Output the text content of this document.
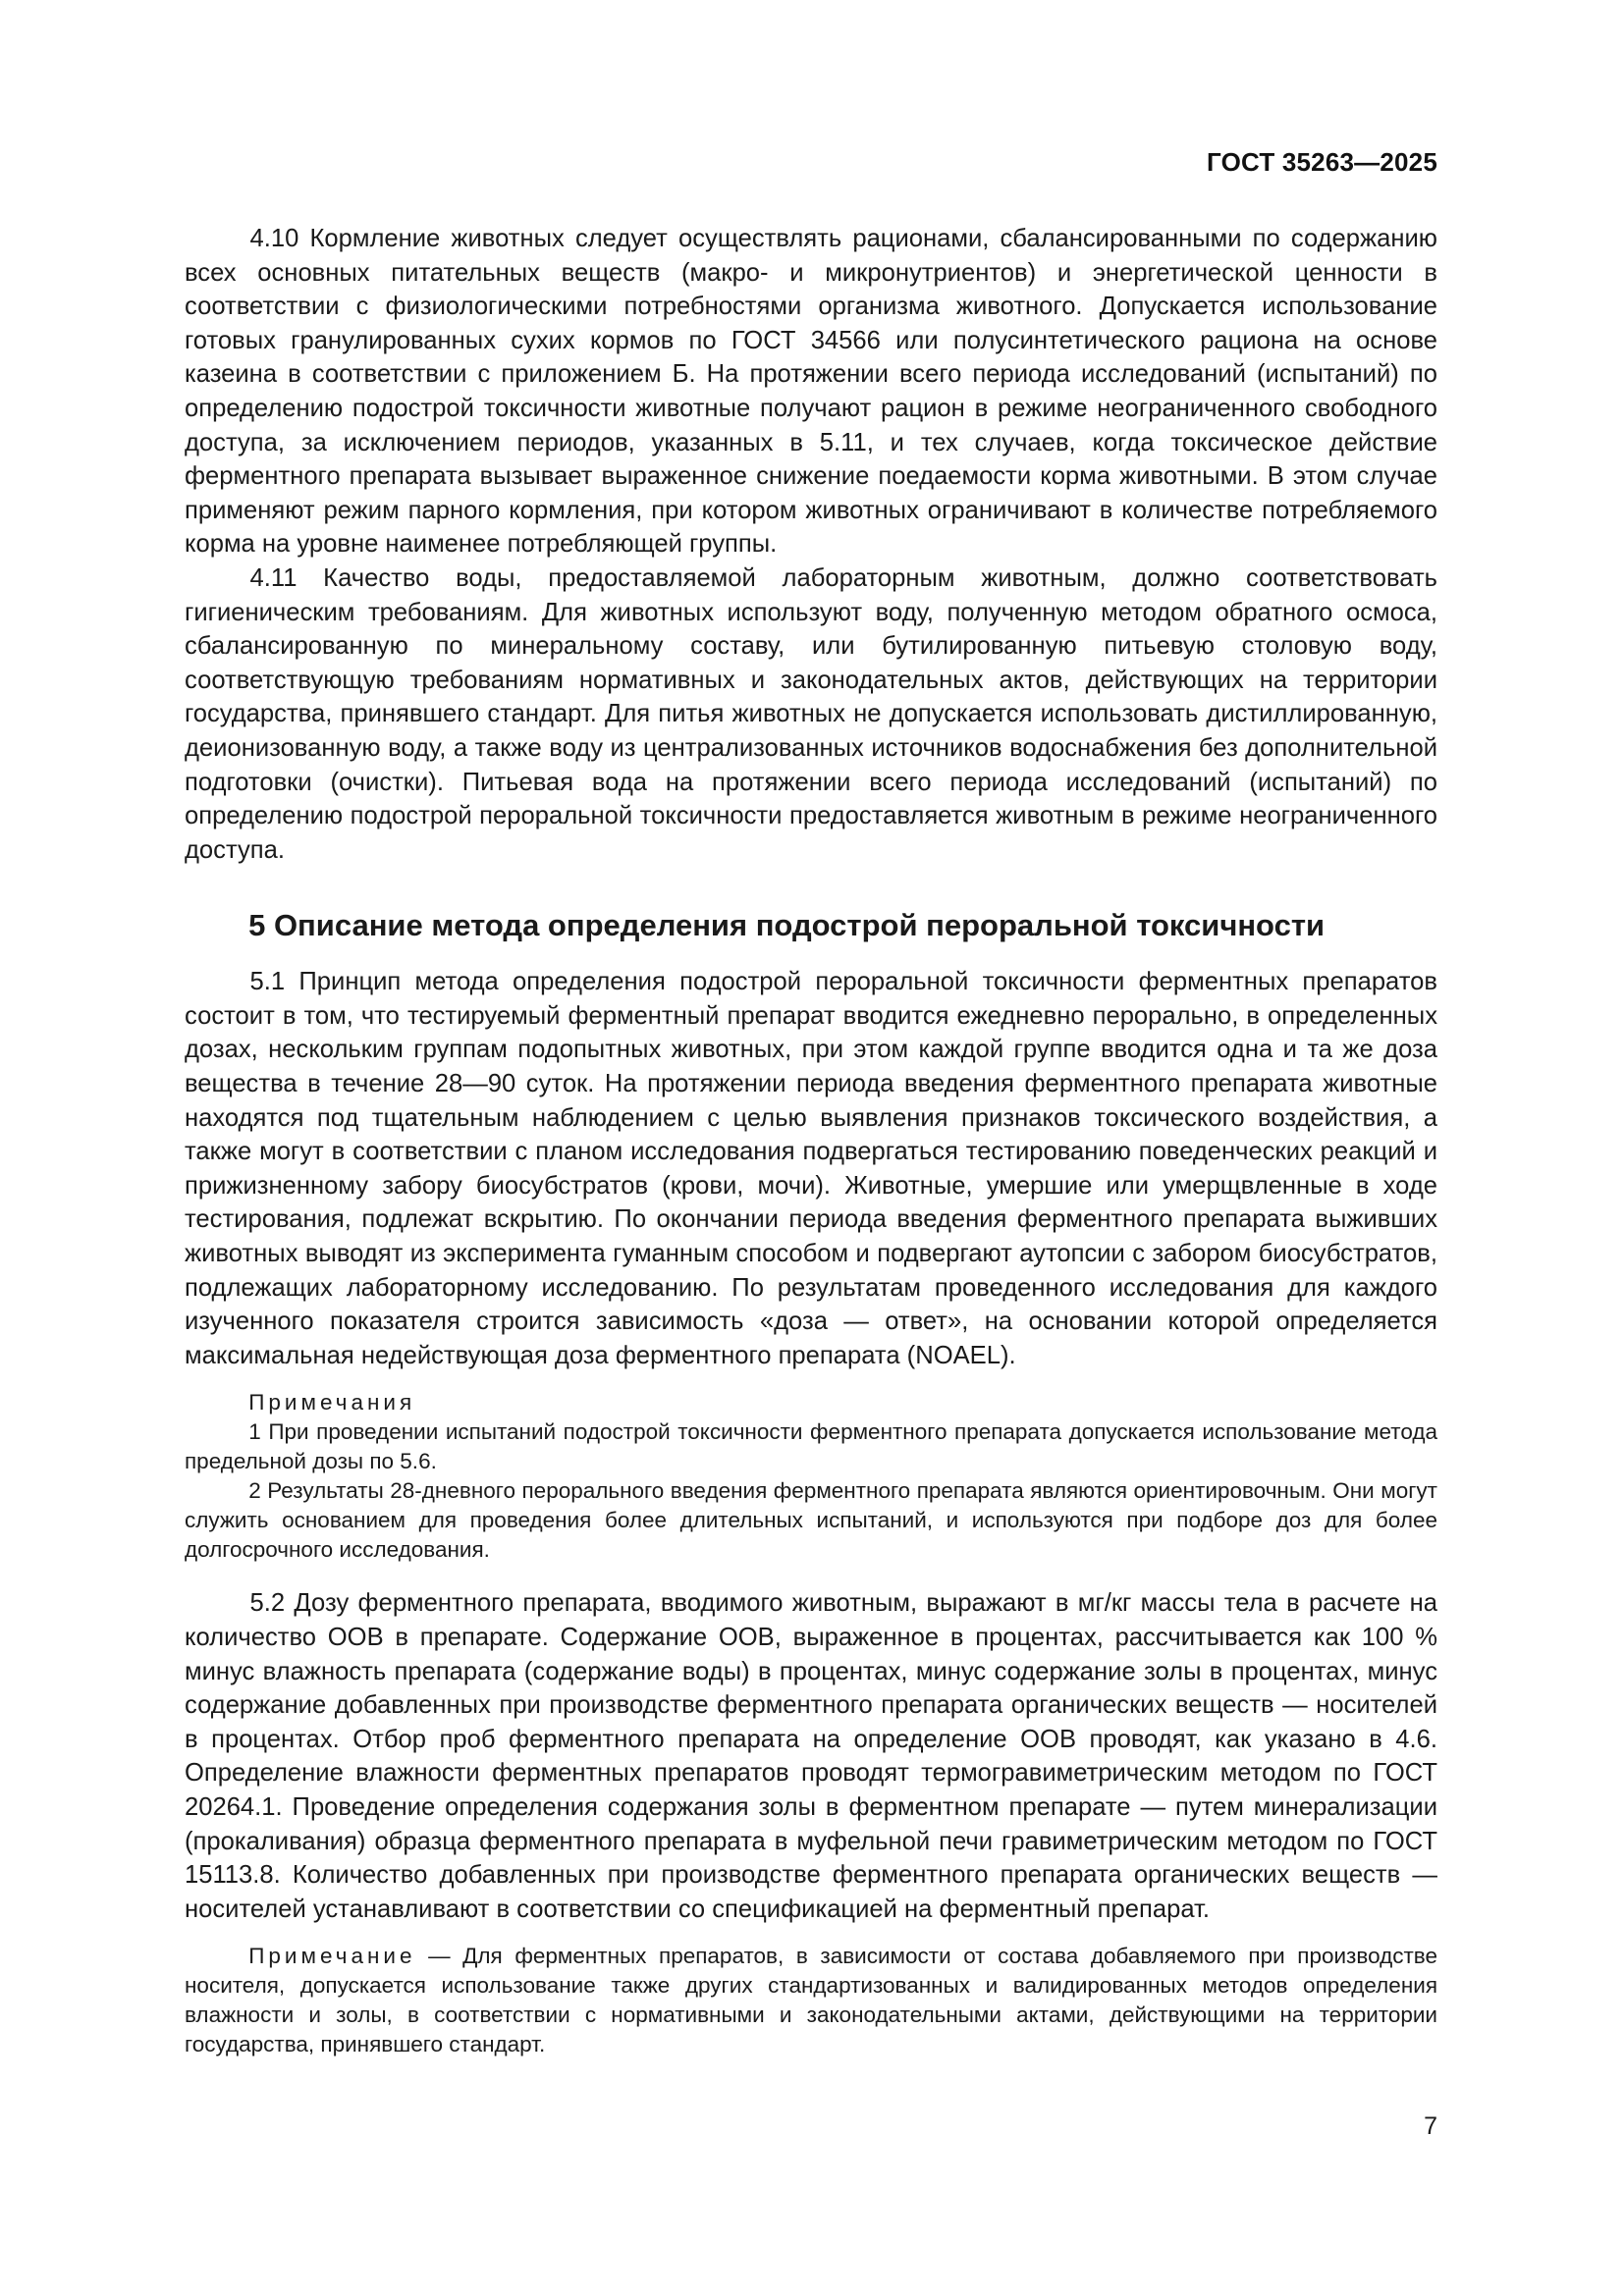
ГОСТ 35263—2025

4.10 Кормление животных следует осуществлять рационами, сбалансированными по содержанию всех основных питательных веществ (макро- и микронутриентов) и энергетической ценности в соответствии с физиологическими потребностями организма животного. Допускается использование готовых гранулированных сухих кормов по ГОСТ 34566 или полусинтетического рациона на основе казеина в соответствии с приложением Б. На протяжении всего периода исследований (испытаний) по определению подострой токсичности животные получают рацион в режиме неограниченного свободного доступа, за исключением периодов, указанных в 5.11, и тех случаев, когда токсическое действие ферментного препарата вызывает выраженное снижение поедаемости корма животными. В этом случае применяют режим парного кормления, при котором животных ограничивают в количестве потребляемого корма на уровне наименее потребляющей группы.

4.11 Качество воды, предоставляемой лабораторным животным, должно соответствовать гигиеническим требованиям. Для животных используют воду, полученную методом обратного осмоса, сбалансированную по минеральному составу, или бутилированную питьевую столовую воду, соответствующую требованиям нормативных и законодательных актов, действующих на территории государства, принявшего стандарт. Для питья животных не допускается использовать дистиллированную, деионизованную воду, а также воду из централизованных источников водоснабжения без дополнительной подготовки (очистки). Питьевая вода на протяжении всего периода исследований (испытаний) по определению подострой пероральной токсичности предоставляется животным в режиме неограниченного доступа.

5 Описание метода определения подострой пероральной токсичности

5.1 Принцип метода определения подострой пероральной токсичности ферментных препаратов состоит в том, что тестируемый ферментный препарат вводится ежедневно перорально, в определенных дозах, нескольким группам подопытных животных, при этом каждой группе вводится одна и та же доза вещества в течение 28—90 суток. На протяжении периода введения ферментного препарата животные находятся под тщательным наблюдением с целью выявления признаков токсического воздействия, а также могут в соответствии с планом исследования подвергаться тестированию поведенческих реакций и прижизненному забору биосубстратов (крови, мочи). Животные, умершие или умерщвленные в ходе тестирования, подлежат вскрытию. По окончании периода введения ферментного препарата выживших животных выводят из эксперимента гуманным способом и подвергают аутопсии с забором биосубстратов, подлежащих лабораторному исследованию. По результатам проведенного исследования для каждого изученного показателя строится зависимость «доза — ответ», на основании которой определяется максимальная недействующая доза ферментного препарата (NOAEL).

Примечания

1 При проведении испытаний подострой токсичности ферментного препарата допускается использование метода предельной дозы по 5.6.

2 Результаты 28-дневного перорального введения ферментного препарата являются ориентировочным. Они могут служить основанием для проведения более длительных испытаний, и используются при подборе доз для более долгосрочного исследования.

5.2 Дозу ферментного препарата, вводимого животным, выражают в мг/кг массы тела в расчете на количество ООВ в препарате. Содержание ООВ, выраженное в процентах, рассчитывается как 100 % минус влажность препарата (содержание воды) в процентах, минус содержание золы в процентах, минус содержание добавленных при производстве ферментного препарата органических веществ — носителей в процентах. Отбор проб ферментного препарата на определение ООВ проводят, как указано в 4.6. Определение влажности ферментных препаратов проводят термогравиметрическим методом по ГОСТ 20264.1. Проведение определения содержания золы в ферментном препарате — путем минерализации (прокаливания) образца ферментного препарата в муфельной печи гравиметрическим методом по ГОСТ 15113.8. Количество добавленных при производстве ферментного препарата органических веществ — носителей устанавливают в соответствии со спецификацией на ферментный препарат.

Примечание — Для ферментных препаратов, в зависимости от состава добавляемого при производстве носителя, допускается использование также других стандартизованных и валидированных методов определения влажности и золы, в соответствии с нормативными и законодательными актами, действующими на территории государства, принявшего стандарт.

7
